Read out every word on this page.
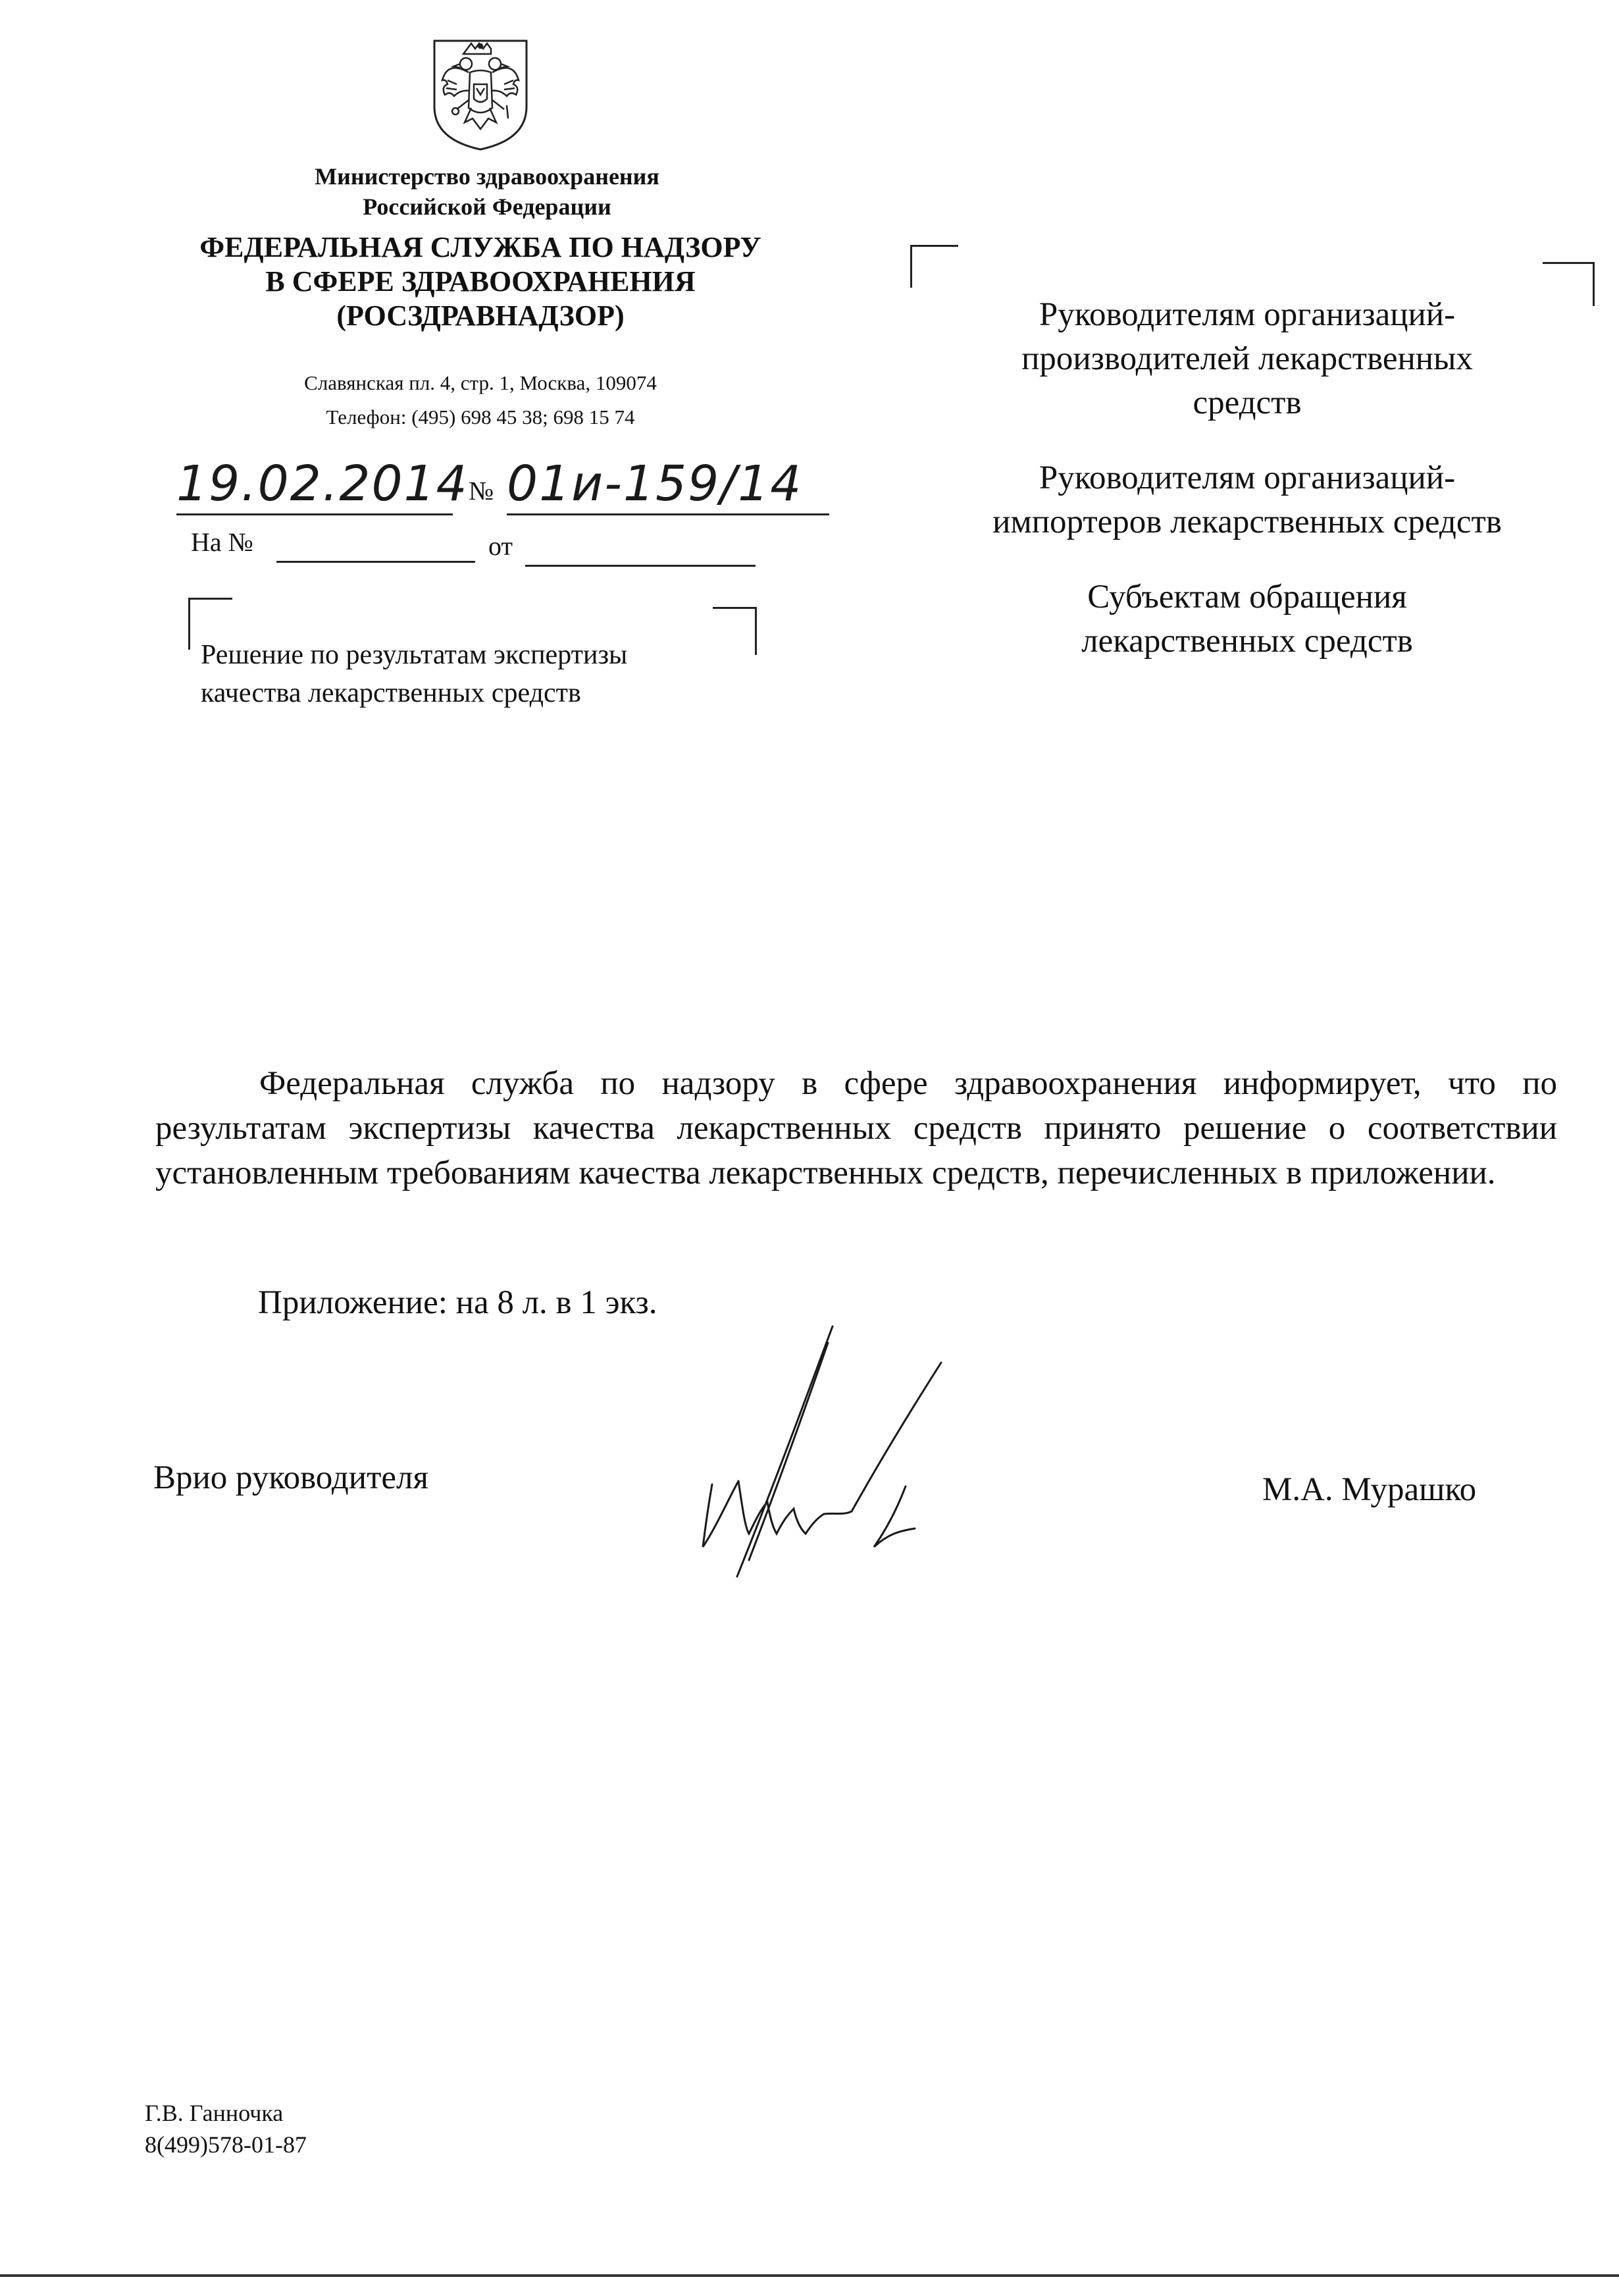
Министерство здравоохранения
Российской Федерации
ФЕДЕРАЛЬНАЯ СЛУЖБА ПО НАДЗОРУ
В СФЕРЕ ЗДРАВООХРАНЕНИЯ
(РОСЗДРАВНАДЗОР)
Славянская пл. 4, стр. 1, Москва, 109074
Телефон: (495) 698 45 38; 698 15 74
19.02.2014 № 01и-159/14
На №	от
Решение по результатам экспертизы
качества лекарственных средств

Руководителям организаций-

производителей лекарственных

средств

Руководителям организаций-

импортеров лекарственных средств

Субъектам обращения

лекарственных средств

Федеральная служба по надзору в сфере здравоохранения информирует, что по результатам экспертизы качества лекарственных средств принято решение о соответствии установленным требованиям качества лекарственных средств, перечисленных в приложении.

Приложение: на 8 л. в 1 экз.
Врио руководителя	М.А. Мурашко
Г.В. Ганночка
8(499)578-01-87
